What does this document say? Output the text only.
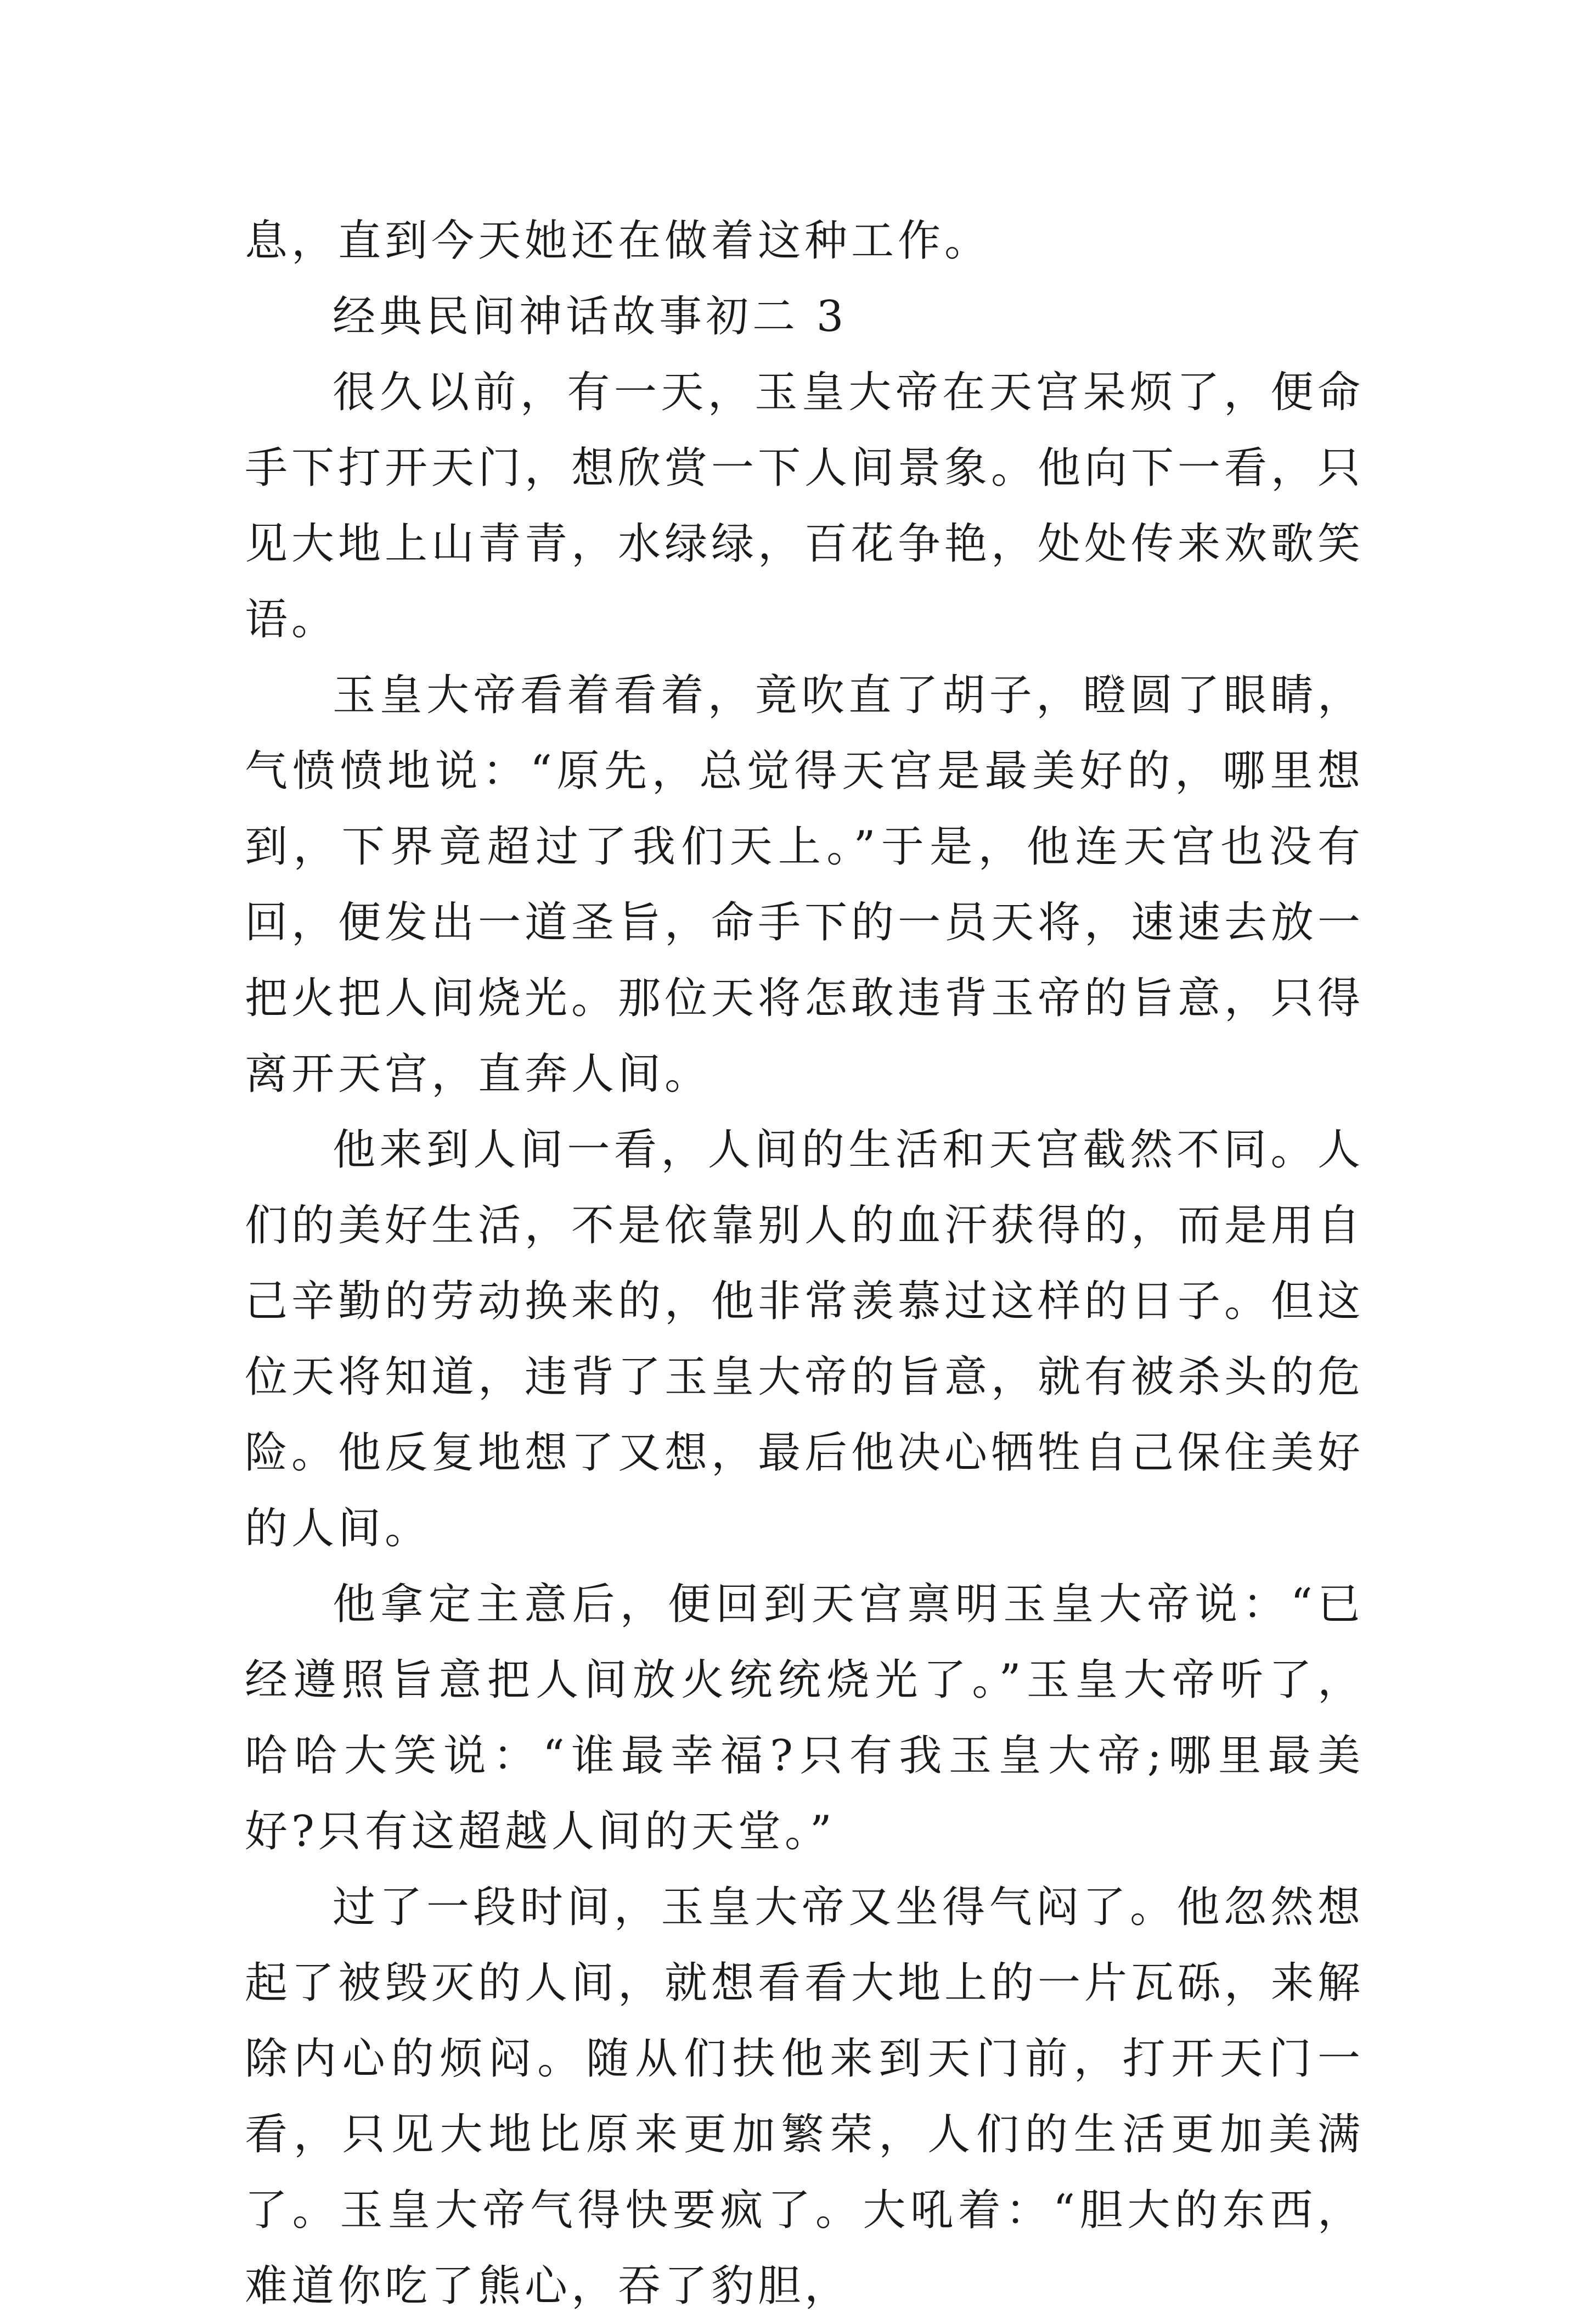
息，直到今天她还在做着这种工作。

经典民间神话故事初二 3

很久以前，有一天，玉皇大帝在天宫呆烦了，便命手下打开天门，想欣赏一下人间景象。他向下一看，只见大地上山青青，水绿绿，百花争艳，处处传来欢歌笑语。

玉皇大帝看着看着，竟吹直了胡子，瞪圆了眼睛，气愤愤地说：“原先，总觉得天宫是最美好的，哪里想到，下界竟超过了我们天上。”于是，他连天宫也没有回，便发出一道圣旨，命手下的一员天将，速速去放一把火把人间烧光。那位天将怎敢违背玉帝的旨意，只得离开天宫，直奔人间。

他来到人间一看，人间的生活和天宫截然不同。人们的美好生活，不是依靠别人的血汗获得的，而是用自己辛勤的劳动换来的，他非常羡慕过这样的日子。但这位天将知道，违背了玉皇大帝的旨意，就有被杀头的危险。他反复地想了又想，最后他决心牺牲自己保住美好的人间。

他拿定主意后，便回到天宫禀明玉皇大帝说：“已经遵照旨意把人间放火统统烧光了。”玉皇大帝听了，哈哈大笑说：“谁最幸福?只有我玉皇大帝;哪里最美好?只有这超越人间的天堂。”

过了一段时间，玉皇大帝又坐得气闷了。他忽然想起了被毁灭的人间，就想看看大地上的一片瓦砾，来解除内心的烦闷。随从们扶他来到天门前，打开天门一看，只见大地比原来更加繁荣，人们的生活更加美满了。玉皇大帝气得快要疯了。大吼着：“胆大的东西，难道你吃了熊心，吞了豹胆，
